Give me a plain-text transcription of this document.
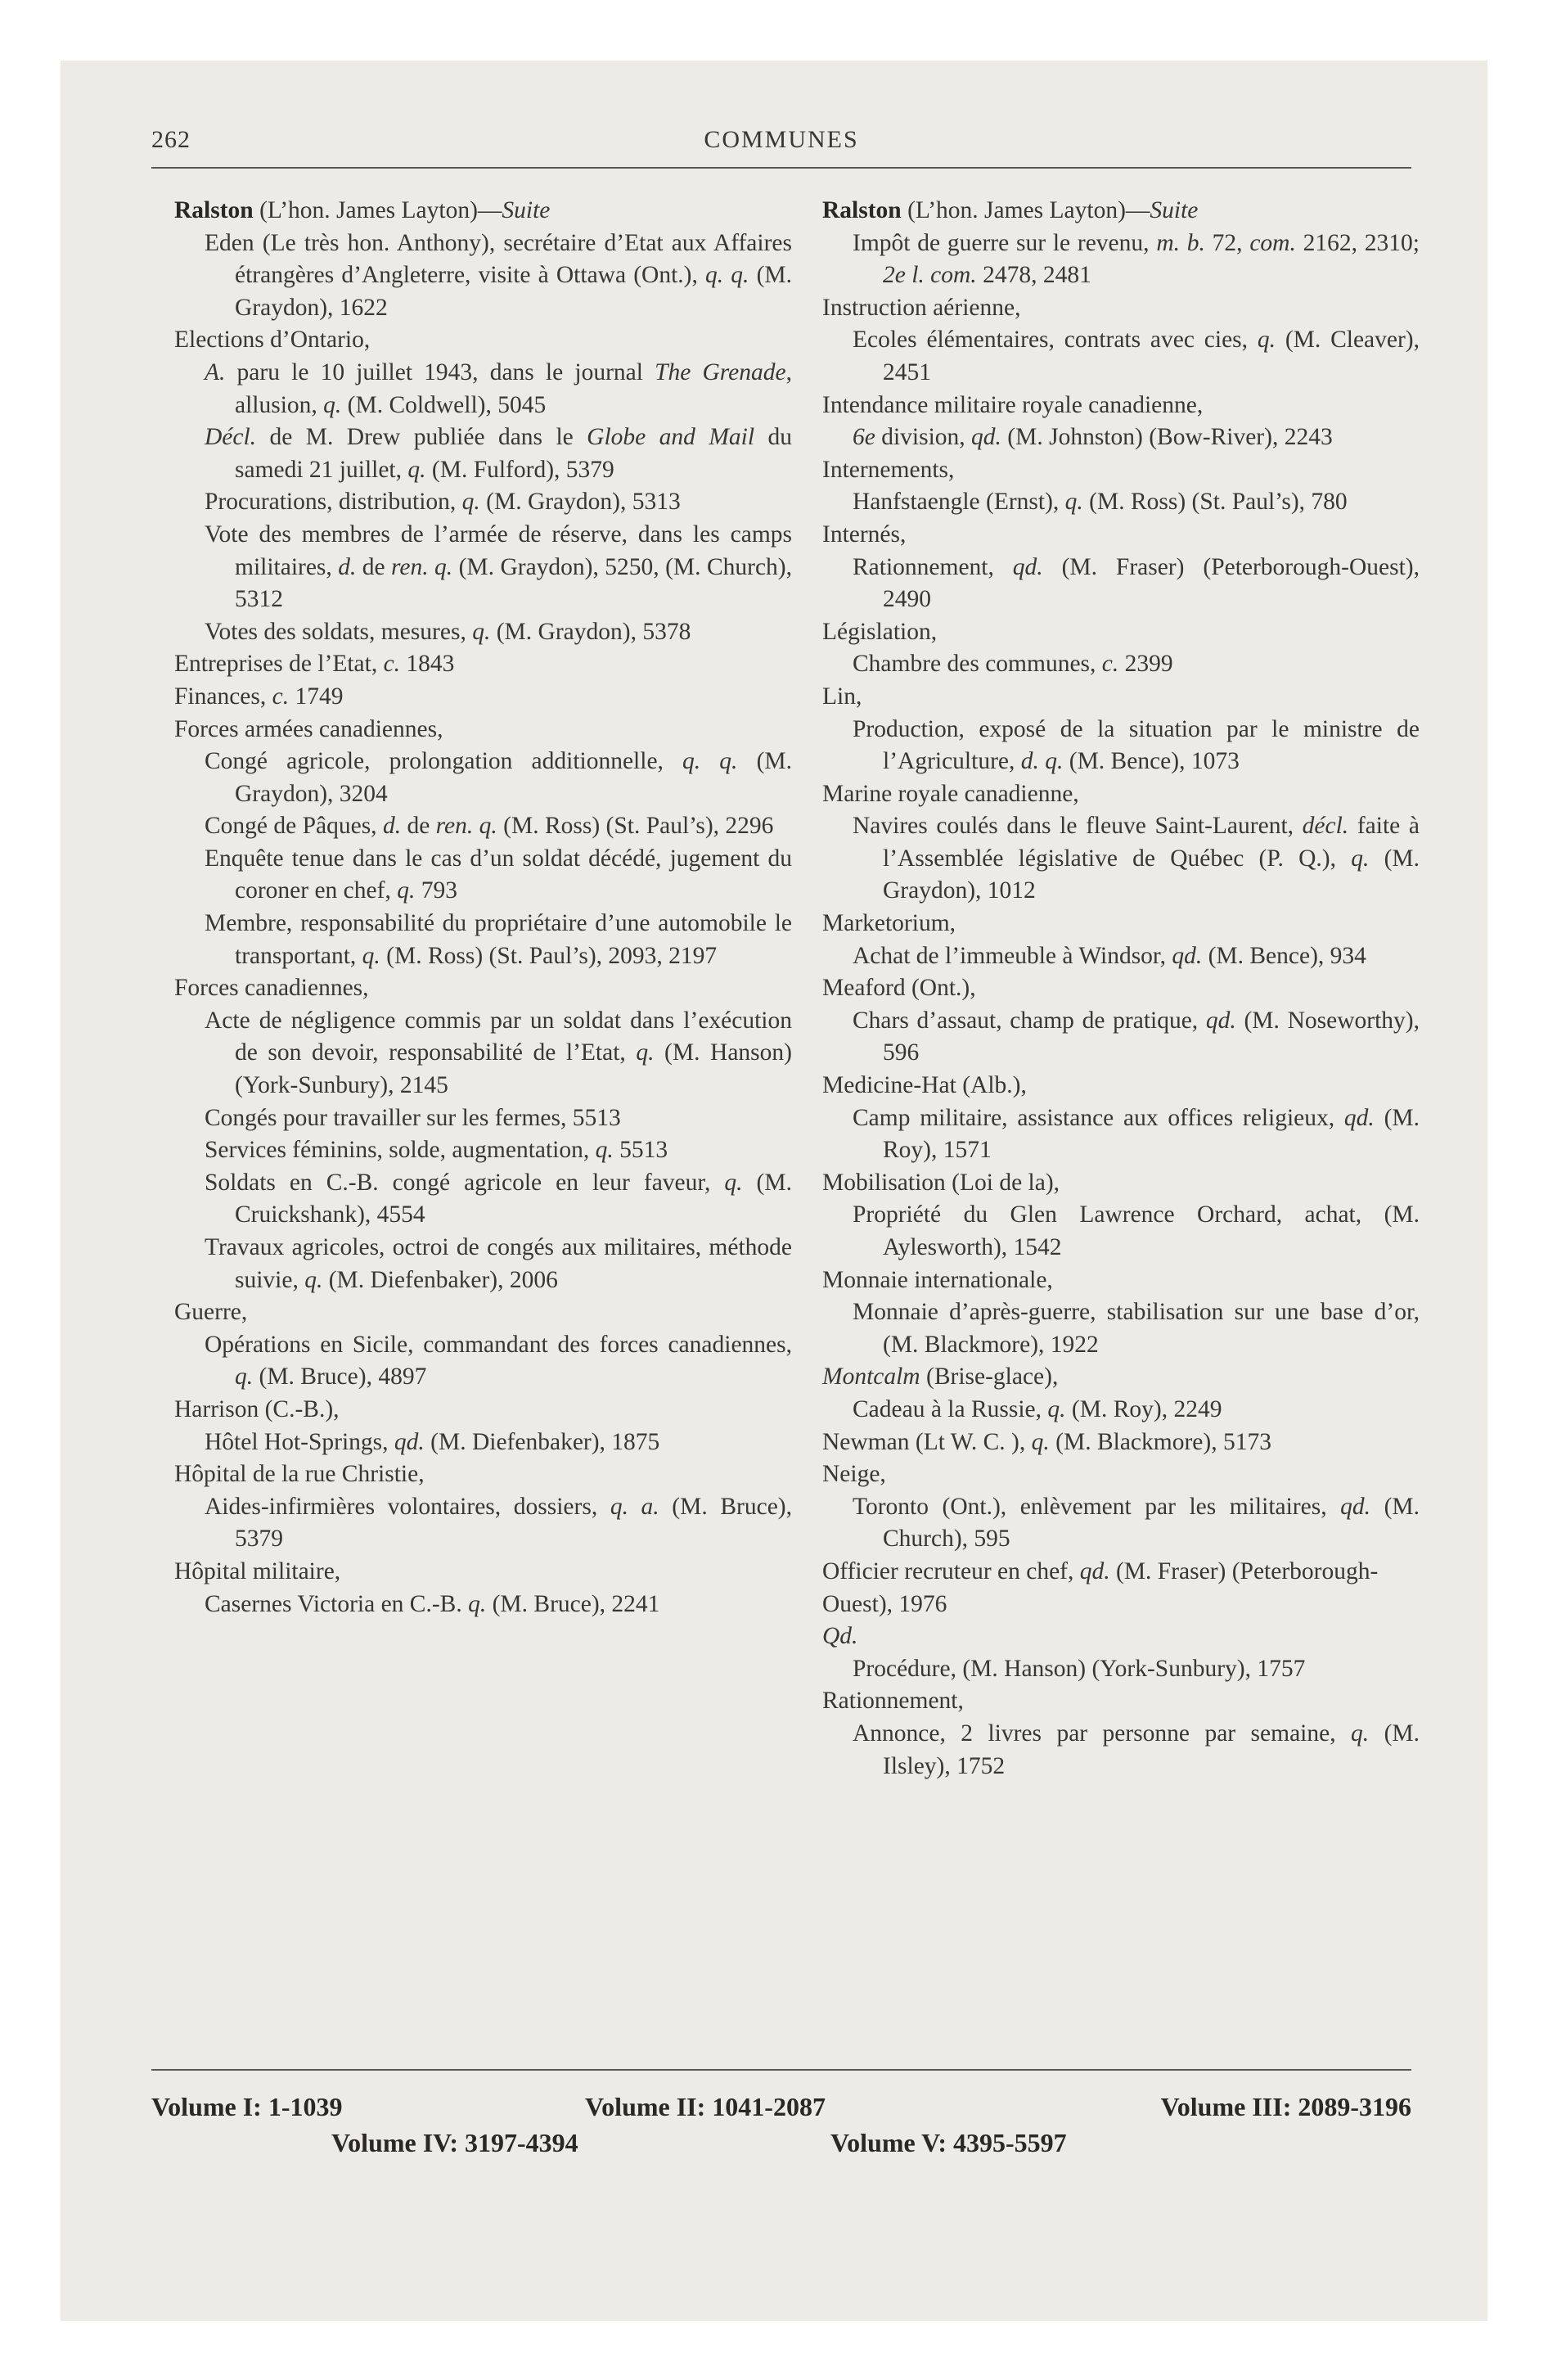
262	COMMUNES

Ralston (L’hon. James Layton)—Suite

Eden (Le très hon. Anthony), secrétaire d’Etat aux Affaires étrangères d’Angleterre, visite à Ottawa (Ont.), q. q. (M. Graydon), 1622

Elections d’Ontario,

A. paru le 10 juillet 1943, dans le journal The Grenade, allusion, q. (M. Coldwell), 5045

Décl. de M. Drew publiée dans le Globe and Mail du samedi 21 juillet, q. (M. Fulford), 5379

Procurations, distribution, q. (M. Graydon), 5313

Vote des membres de l’armée de réserve, dans les camps militaires, d. de ren. q. (M. Graydon), 5250, (M. Church), 5312

Votes des soldats, mesures, q. (M. Graydon), 5378

Entreprises de l’Etat, c. 1843

Finances, c. 1749

Forces armées canadiennes,

Congé agricole, prolongation additionnelle, q. q. (M. Graydon), 3204

Congé de Pâques, d. de ren. q. (M. Ross) (St. Paul’s), 2296

Enquête tenue dans le cas d’un soldat décédé, jugement du coroner en chef, q. 793

Membre, responsabilité du propriétaire d’une automobile le transportant, q. (M. Ross) (St. Paul’s), 2093, 2197

Forces canadiennes,

Acte de négligence commis par un soldat dans l’exécution de son devoir, responsabilité de l’Etat, q. (M. Hanson) (York-Sunbury), 2145

Congés pour travailler sur les fermes, 5513

Services féminins, solde, augmentation, q. 5513

Soldats en C.-B. congé agricole en leur faveur, q. (M. Cruickshank), 4554

Travaux agricoles, octroi de congés aux militaires, méthode suivie, q. (M. Diefenbaker), 2006

Guerre,

Opérations en Sicile, commandant des forces canadiennes, q. (M. Bruce), 4897

Harrison (C.-B.),

Hôtel Hot-Springs, qd. (M. Diefenbaker), 1875

Hôpital de la rue Christie,

Aides-infirmières volontaires, dossiers, q. a. (M. Bruce), 5379

Hôpital militaire,

Casernes Victoria en C.-B. q. (M. Bruce), 2241

Ralston (L’hon. James Layton)—Suite

Impôt de guerre sur le revenu, m. b. 72, com. 2162, 2310; 2e l. com. 2478, 2481

Instruction aérienne,

Ecoles élémentaires, contrats avec cies, q. (M. Cleaver), 2451

Intendance militaire royale canadienne,

6e division, qd. (M. Johnston) (Bow-River), 2243

Internements,

Hanfstaengle (Ernst), q. (M. Ross) (St. Paul’s), 780

Internés,

Rationnement, qd. (M. Fraser) (Peterborough-Ouest), 2490

Législation,

Chambre des communes, c. 2399

Lin,

Production, exposé de la situation par le ministre de l’Agriculture, d. q. (M. Bence), 1073

Marine royale canadienne,

Navires coulés dans le fleuve Saint-Laurent, décl. faite à l’Assemblée législative de Québec (P. Q.), q. (M. Graydon), 1012

Marketorium,

Achat de l’immeuble à Windsor, qd. (M. Bence), 934

Meaford (Ont.),

Chars d’assaut, champ de pratique, qd. (M. Noseworthy), 596

Medicine-Hat (Alb.),

Camp militaire, assistance aux offices religieux, qd. (M. Roy), 1571

Mobilisation (Loi de la),

Propriété du Glen Lawrence Orchard, achat, (M. Aylesworth), 1542

Monnaie internationale,

Monnaie d’après-guerre, stabilisation sur une base d’or, (M. Blackmore), 1922

Montcalm (Brise-glace),

Cadeau à la Russie, q. (M. Roy), 2249

Newman (Lt W. C. ), q. (M. Blackmore), 5173

Neige,

Toronto (Ont.), enlèvement par les militaires, qd. (M. Church), 595

Officier recruteur en chef, qd. (M. Fraser) (Peterborough-Ouest), 1976

Qd.

Procédure, (M. Hanson) (York-Sunbury), 1757

Rationnement,

Annonce, 2 livres par personne par semaine, q. (M. Ilsley), 1752

Volume I: 1-1039	Volume II: 1041-2087	Volume III: 2089-3196
Volume IV: 3197-4394	Volume V: 4395-5597
